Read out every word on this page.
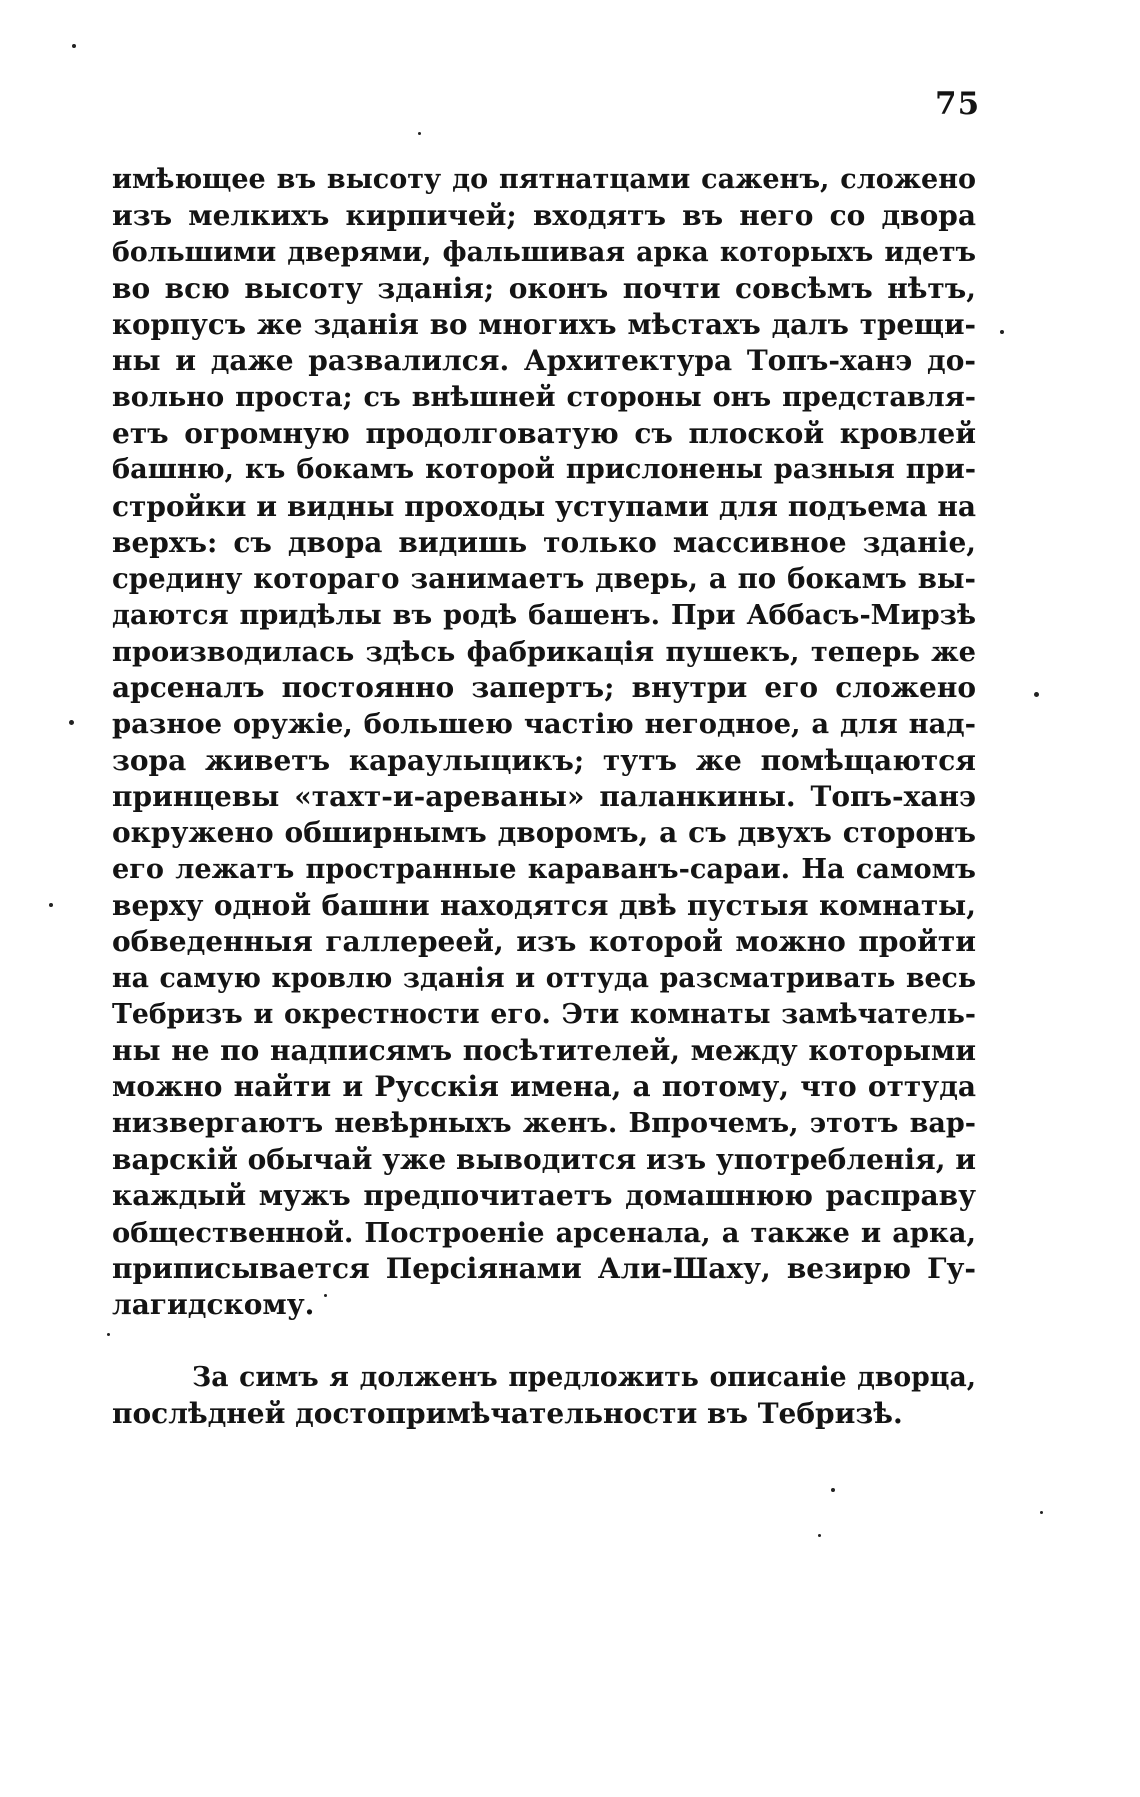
75
имѣющее въ высоту до пятнатцами саженъ, сложено
изъ мелкихъ кирпичей; входятъ въ него со двора
большими дверями, фальшивая арка которыхъ идетъ
во всю высоту зданія; оконъ почти совсѣмъ нѣтъ,
корпусъ же зданія во многихъ мѣстахъ далъ трещи-
ны и даже развалился. Архитектура Топъ-ханэ до-
вольно проста; съ внѣшней стороны онъ представля-
етъ огромную продолговатую съ плоской кровлей
башню, къ бокамъ которой прислонены разныя при-
стройки и видны проходы уступами для подъема на
верхъ: съ двора видишь только массивное зданіе,
средину котораго занимаетъ дверь, а по бокамъ вы-
даются придѣлы въ родѣ башенъ. При Аббасъ-Мирзѣ
производилась здѣсь фабрикація пушекъ, теперь же
арсеналъ постоянно запертъ; внутри его сложено
разное оружіе, большею частію негодное, а для над-
зора живетъ караулыцикъ; тутъ же помѣщаются
принцевы «тахт-и-ареваны» паланкины. Топъ-ханэ
окружено обширнымъ дворомъ, а съ двухъ сторонъ
его лежатъ пространные караванъ-сараи. На самомъ
верху одной башни находятся двѣ пустыя комнаты,
обведенныя галлереей, изъ которой можно пройти
на самую кровлю зданія и оттуда разсматривать весь
Тебризъ и окрестности его. Эти комнаты замѣчатель-
ны не по надписямъ посѣтителей, между которыми
можно найти и Русскія имена, а потому, что оттуда
низвергаютъ невѣрныхъ женъ. Впрочемъ, этотъ вар-
варскій обычай уже выводится изъ употребленія, и
каждый мужъ предпочитаетъ домашнюю расправу
общественной. Построеніе арсенала, а также и арка,
приписывается Персіянами Али-Шаху, везирю Гу-
лагидскому.
За симъ я долженъ предложить описаніе дворца,
послѣдней достопримѣчательности въ Тебризѣ.
